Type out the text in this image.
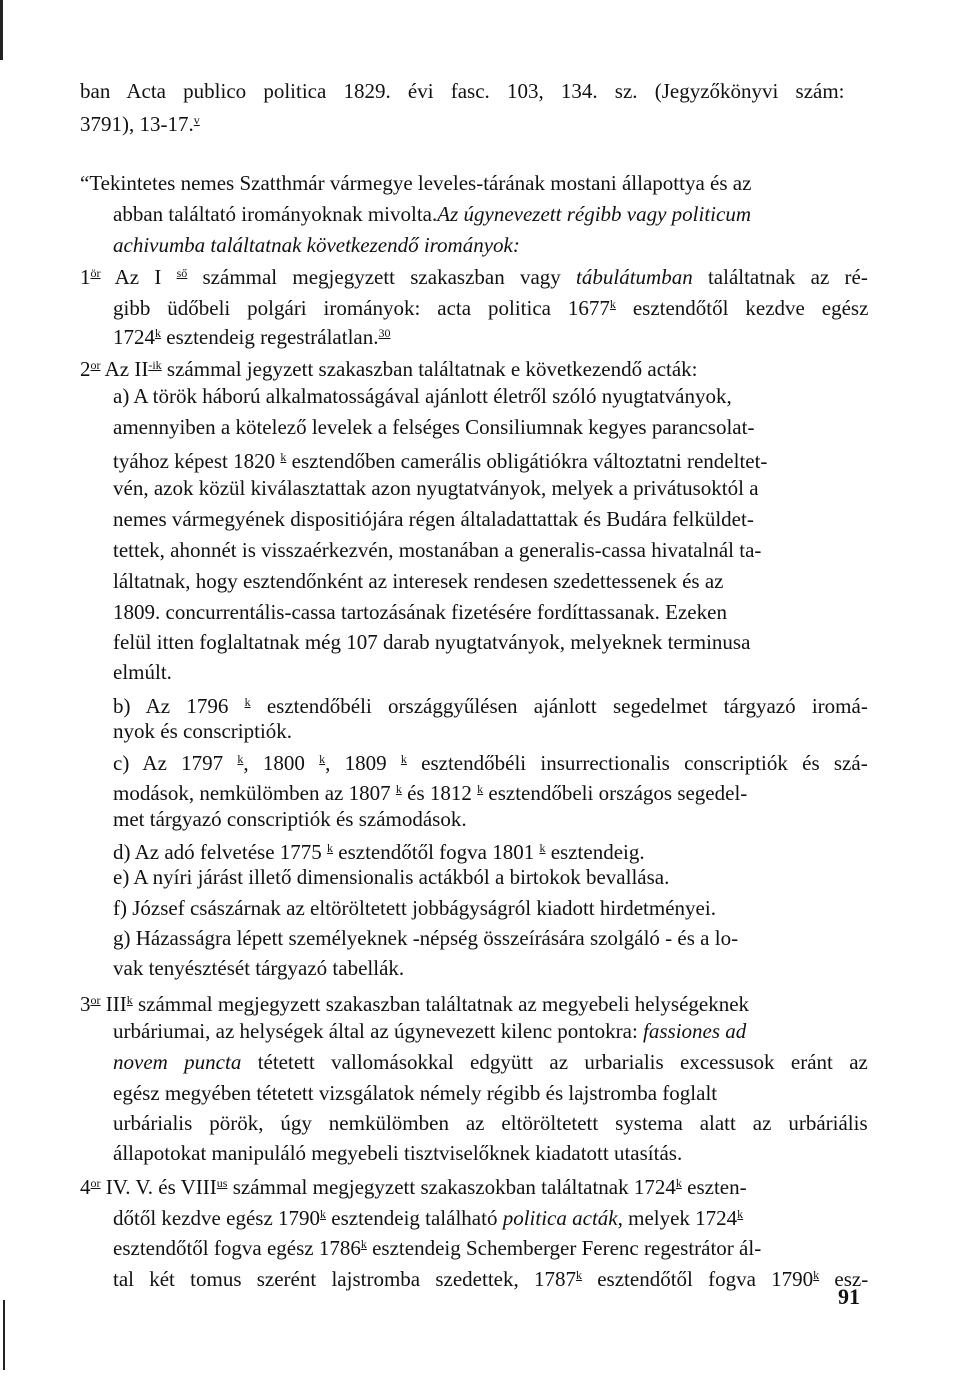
ban Acta publico politica 1829. évi fasc. 103, 134. sz. (Jegyzőkönyvi szám:
3791), 13-17.$^v$
“Tekintetes nemes Szatthmár vármegye leveles-tárának mostani állapottya és az
abban találtató irományoknak mivolta.Az úgynevezett régibb vagy politicum
achivumba találtatnak következendő irományok:
$1^{ör}$ Az I $^{ső}$ számmal megjegyzett szakaszban vagy tábulátumban találtatnak az ré-
gibb üdőbeli polgári irományok: acta politica 1677$^k$ esztendőtől kezdve egész
1724$^k$ esztendeig regestrálatlan.$^{30}$
$2^{or}$ Az $II^{-ik}$ számmal jegyzett szakaszban találtatnak e következendő acták:
a) A török háború alkalmatosságával ajánlott életről szóló nyugtatványok,
amennyiben a kötelező levelek a felséges Consiliumnak kegyes parancsolat-
tyához képest 1820 $^k$ esztendőben camerális obligátiókra változtatni rendeltet-
vén, azok közül kiválasztattak azon nyugtatványok, melyek a privátusoktól a
nemes vármegyének dispositiójára régen általadattattak és Budára felküldet-
tettek, ahonnét is visszaérkezvén, mostanában a generalis-cassa hivatalnál ta-
láltatnak, hogy esztendőnként az interesek rendesen szedettessenek és az
1809. concurrentális-cassa tartozásának fizetésére fordíttassanak. Ezeken
felül itten foglaltatnak még 107 darab nyugtatványok, melyeknek terminusa
elmúlt.
b) Az 1796 $^k$ esztendőbéli országgyűlésen ajánlott segedelmet tárgyazó iromá-
nyok és conscriptiók.
c) Az 1797 $^k$, 1800 $^k$, 1809 $^k$ esztendőbéli insurrectionalis conscriptiók és szá-
modások, nemkülömben az 1807 $^k$ és 1812 $^k$ esztendőbeli országos segedel-
met tárgyazó conscriptiók és számodások.
d) Az adó felvetése 1775 $^k$ esztendőtől fogva 1801 $^k$ esztendeig.
e) A nyíri járást illető dimensionalis actákból a birtokok bevallása.
f) József császárnak az eltöröltetett jobbágyságról kiadott hirdetményei.
g) Házasságra lépett személyeknek -népség összeírására szolgáló - és a lo-
vak tenyésztését tárgyazó tabellák.
$3^{or}$ III$^k$ számmal megjegyzett szakaszban találtatnak az megyebeli helységeknek
urbáriumai, az helységek által az úgynevezett kilenc pontokra: fassiones ad
novem puncta tétetett vallomásokkal edgyütt az urbarialis excessusok eránt az
egész megyében tétetett vizsgálatok némely régibb és lajstromba foglalt
urbárialis pörök, úgy nemkülömben az eltöröltetett systema alatt az urbáriális
állapotokat manipuláló megyebeli tisztviselőknek kiadatott utasítás.
$4^{or}$ IV. V. és $VIII^{us}$ számmal megjegyzett szakaszokban találtatnak 1724$^k$ eszten-
dőtől kezdve egész 1790$^k$ esztendeig található politica acták, melyek 1724$^k$
esztendőtől fogva egész 1786$^k$ esztendeig Schemberger Ferenc regestrátor ál-
tal két tomus szerént lajstromba szedettek, 1787$^k$ esztendőtől fogva 1790$^k$ esz-
91
